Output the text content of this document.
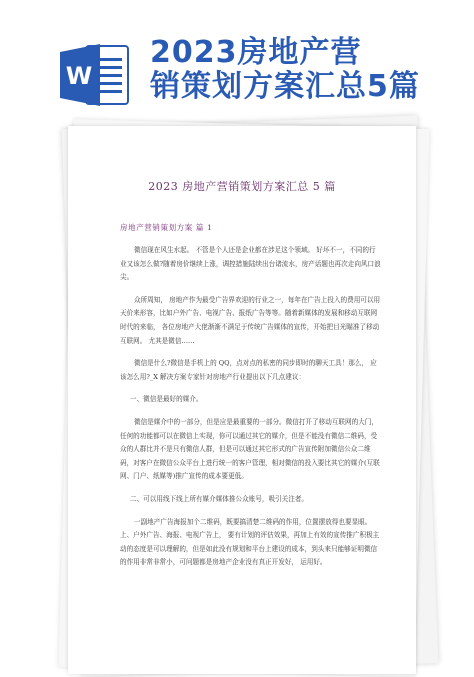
W
2023房地产营
销策划方案汇总5篇
2023 房地产营销策划方案汇总 5 篇
房地产营销策划方案 篇 1

微信现在风生水起。 不管是个人还是企业都在涉足这个领域。 好坏不一，不同的行业又该怎么做?随着房价继续上涨，调控措施陆续出台诸流水，房产话题也再次走向风口浪尖。

众所周知， 房地产作为最受广告界欢迎的行业之一，每年在广告上投入的费用可以用天价来形容，比如户外广告、电视广告、报纸广告等等。随着新媒体的发展和移动互联网时代的来临， 各位房地产大佬渐渐不满足于传统广告媒体的宣传，开始把目光瞄准了移动互联网。 尤其是微信……

微信是什么?微信是手机上的 QQ，点对点的私密的同步即时的聊天工具！那么， 应该怎么用?_X 解决方案专家针对房地产行业提出以下几点建议：

一、微信是最好的媒介。

微信是媒介中的一部分，但是应是最重要的一部分。微信打开了移动互联网的大门，任何的功能都可以在微信上实现，你可以通过其它的媒介，但是不能没有微信二维码，受众的人群比并不是只有微信人群，但是可以通过其它形式的广告宣传附加微信公众二维码，对客户在微信公众平台上进行统一的客户管理，相对微信的投入要比其它的媒介(互联网、门户、纸媒等)推广宣传的成本要更低。

二、可以用线下线上所有媒介媒体推公众账号，吸引关注者。

一副地产广告海报加个二维码，既要搞清楚二维码的作用，位置摆放得也要显眼。上、户外广告、海报、电视广告上， 要有计划的评估效果，再加上有效的宣传推广积极主动的态度是可以理解的，但是如此没有规划和平台上建设的成本，到头来只能够证明微信的作用非常非常小，可问题都是房地产企业没有真正开发好， 运用好。
